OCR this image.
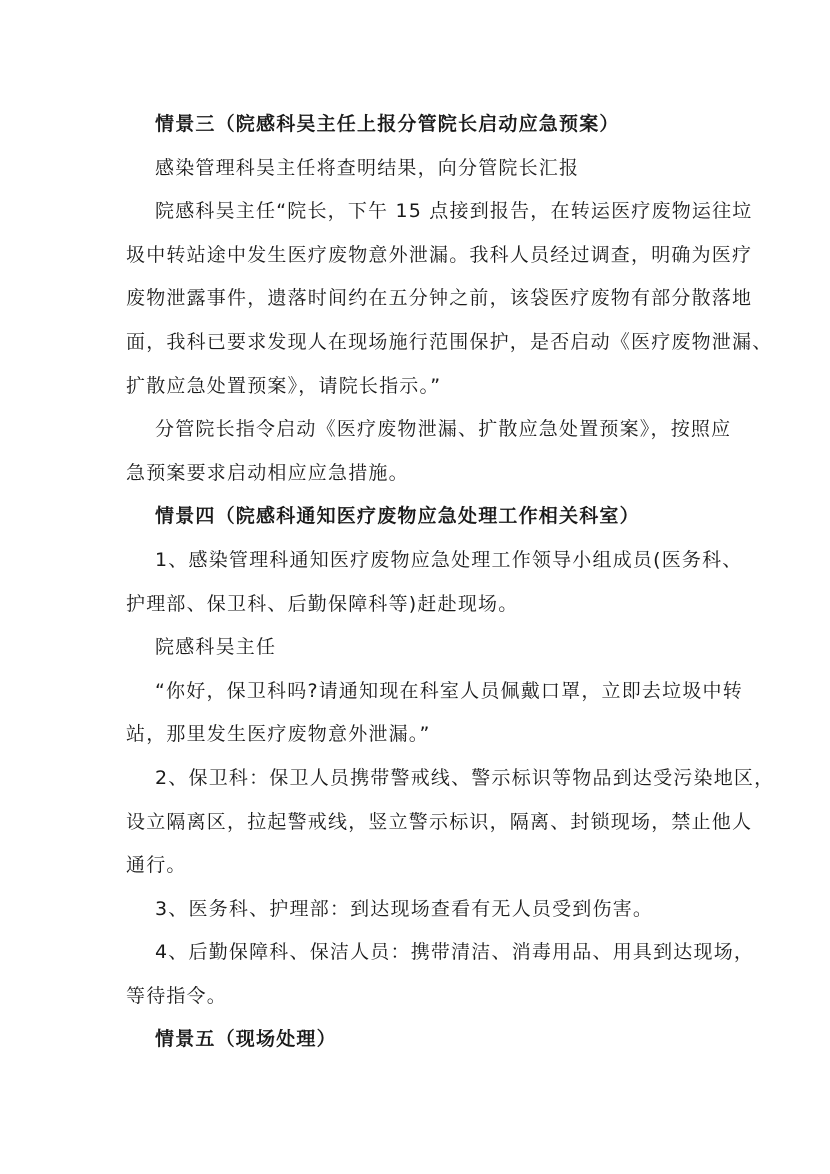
情景三（院感科吴主任上报分管院长启动应急预案）
感染管理科吴主任将查明结果，向分管院长汇报
院感科吴主任“院长，下午 15 点接到报告，在转运医疗废物运往垃
圾中转站途中发生医疗废物意外泄漏。我科人员经过调查，明确为医疗
废物泄露事件，遗落时间约在五分钟之前，该袋医疗废物有部分散落地
面，我科已要求发现人在现场施行范围保护，是否启动《医疗废物泄漏、
扩散应急处置预案》，请院长指示。”
分管院长指令启动《医疗废物泄漏、扩散应急处置预案》，按照应
急预案要求启动相应应急措施。
情景四（院感科通知医疗废物应急处理工作相关科室）
1、感染管理科通知医疗废物应急处理工作领导小组成员(医务科、
护理部、保卫科、后勤保障科等)赶赴现场。
院感科吴主任
“你好，保卫科吗?请通知现在科室人员佩戴口罩，立即去垃圾中转
站，那里发生医疗废物意外泄漏。”
2、保卫科：保卫人员携带警戒线、警示标识等物品到达受污染地区，
设立隔离区，拉起警戒线，竖立警示标识，隔离、封锁现场，禁止他人
通行。
3、医务科、护理部：到达现场查看有无人员受到伤害。
4、后勤保障科、保洁人员：携带清洁、消毒用品、用具到达现场，
等待指令。
情景五（现场处理）
